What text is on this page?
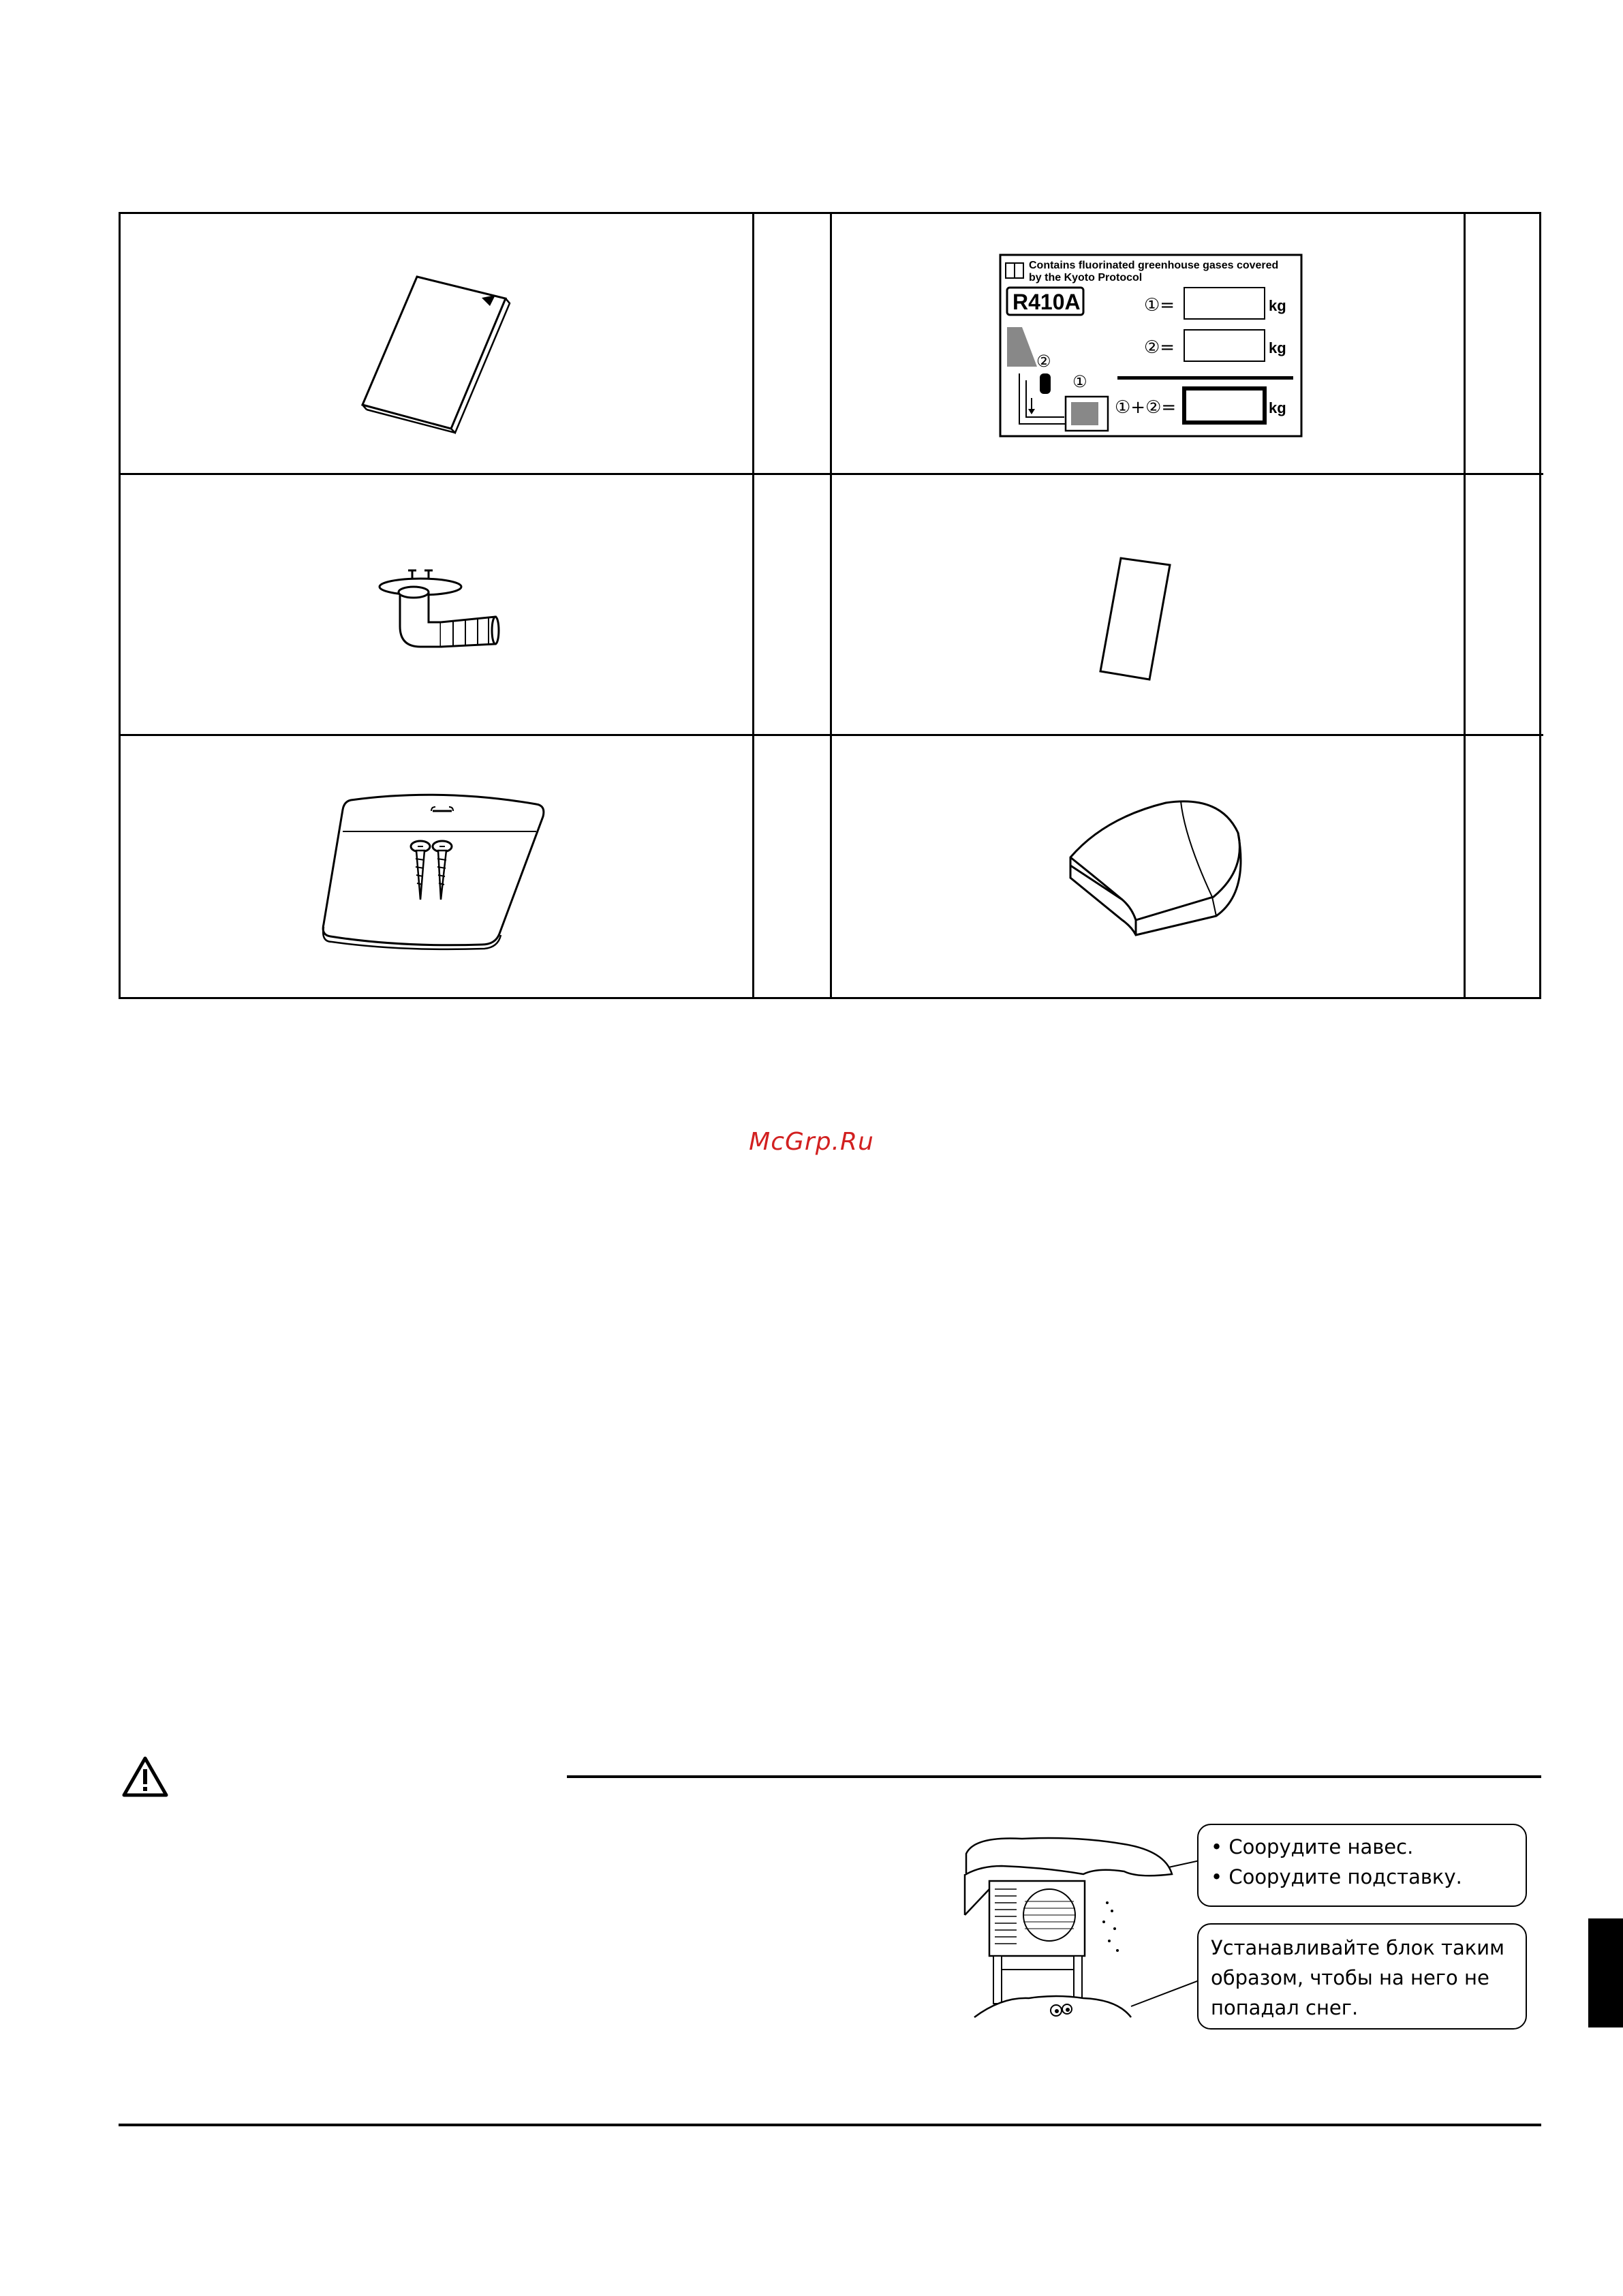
Contains fluorinated greenhouse gases covered
by the Kyoto Protocol
R410A	①=	kg
②=	kg
①+②=	kg
②
①
McGrp.Ru
• Соорудите навес.
• Соорудите подставку.
Устанавливайте блок таким
образом, чтобы на него не
попадал снег.
